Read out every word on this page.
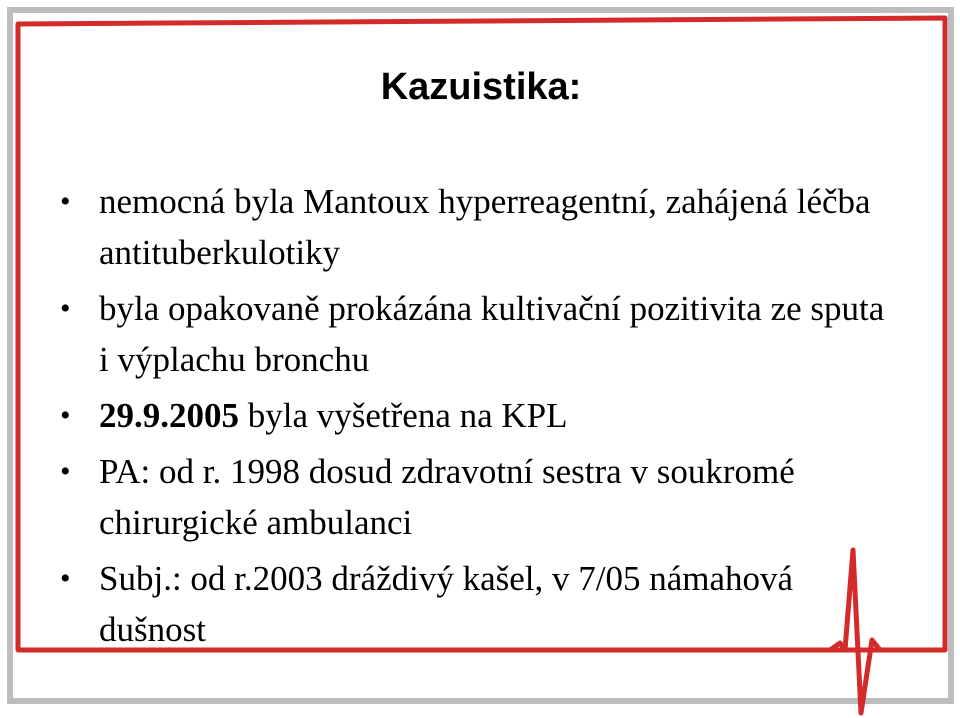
Kazuistika:
• nemocná byla Mantoux hyperreagentní, zahájená léčba antituberkulotiky
• byla opakovaně prokázána kultivační pozitivita ze sputa i výplachu bronchu
• 29.9.2005 byla vyšetřena na KPL
• PA: od r. 1998 dosud zdravotní sestra v soukromé chirurgické ambulanci
• Subj.: od r.2003 dráždivý kašel, v 7/05 námahová dušnost
